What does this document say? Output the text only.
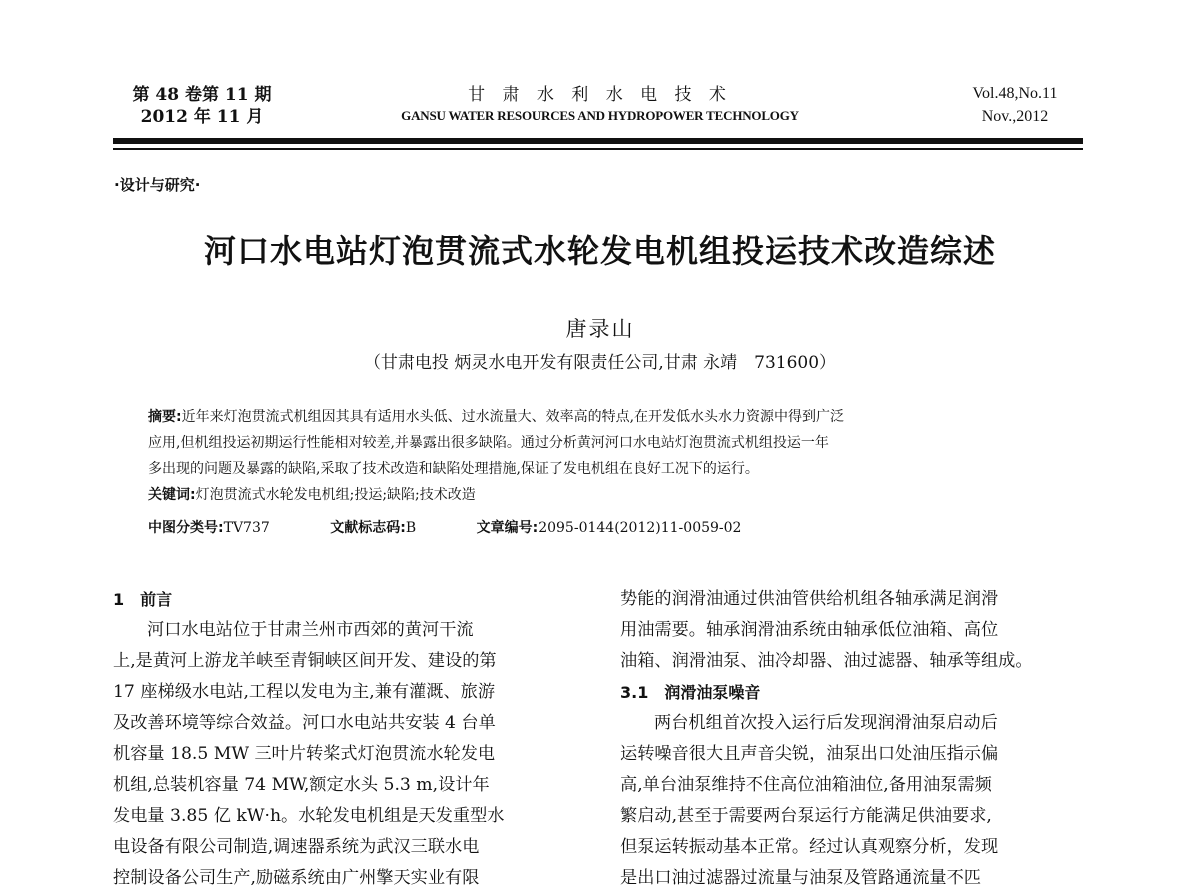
第 48 卷第 11 期
2012 年 11 月
甘 肃 水 利 水 电 技 术
GANSU WATER RESOURCES AND HYDROPOWER TECHNOLOGY
Vol.48,No.11
Nov.,2012
·设计与研究·
河口水电站灯泡贯流式水轮发电机组投运技术改造综述
唐录山
（甘肃电投 炳灵水电开发有限责任公司,甘肃 永靖　731600）
摘要:近年来灯泡贯流式机组因其具有适用水头低、过水流量大、效率高的特点,在开发低水头水力资源中得到广泛
应用,但机组投运初期运行性能相对较差,并暴露出很多缺陷。通过分析黄河河口水电站灯泡贯流式机组投运一年
多出现的问题及暴露的缺陷,采取了技术改造和缺陷处理措施,保证了发电机组在良好工况下的运行。
关键词:灯泡贯流式水轮发电机组;投运;缺陷;技术改造
中图分类号:TV737	文献标志码:B	文章编号:2095-0144(2012)11-0059-02
1　前言
河口水电站位于甘肃兰州市西郊的黄河干流
上,是黄河上游龙羊峡至青铜峡区间开发、建设的第
17 座梯级水电站,工程以发电为主,兼有灌溉、旅游
及改善环境等综合效益。河口水电站共安装 4 台单
机容量 18.5 MW 三叶片转桨式灯泡贯流水轮发电
机组,总装机容量 74 MW,额定水头 5.3 m,设计年
发电量 3.85 亿 kW·h。水轮发电机组是天发重型水
电设备有限公司制造,调速器系统为武汉三联水电
控制设备公司生产,励磁系统由广州擎天实业有限
势能的润滑油通过供油管供给机组各轴承满足润滑
用油需要。轴承润滑油系统由轴承低位油箱、高位
油箱、润滑油泵、油冷却器、油过滤器、轴承等组成。
3.1　润滑油泵噪音
两台机组首次投入运行后发现润滑油泵启动后
运转噪音很大且声音尖锐，油泵出口处油压指示偏
高,单台油泵维持不住高位油箱油位,备用油泵需频
繁启动,甚至于需要两台泵运行方能满足供油要求,
但泵运转振动基本正常。经过认真观察分析，发现
是出口油过滤器过流量与油泵及管路通流量不匹
